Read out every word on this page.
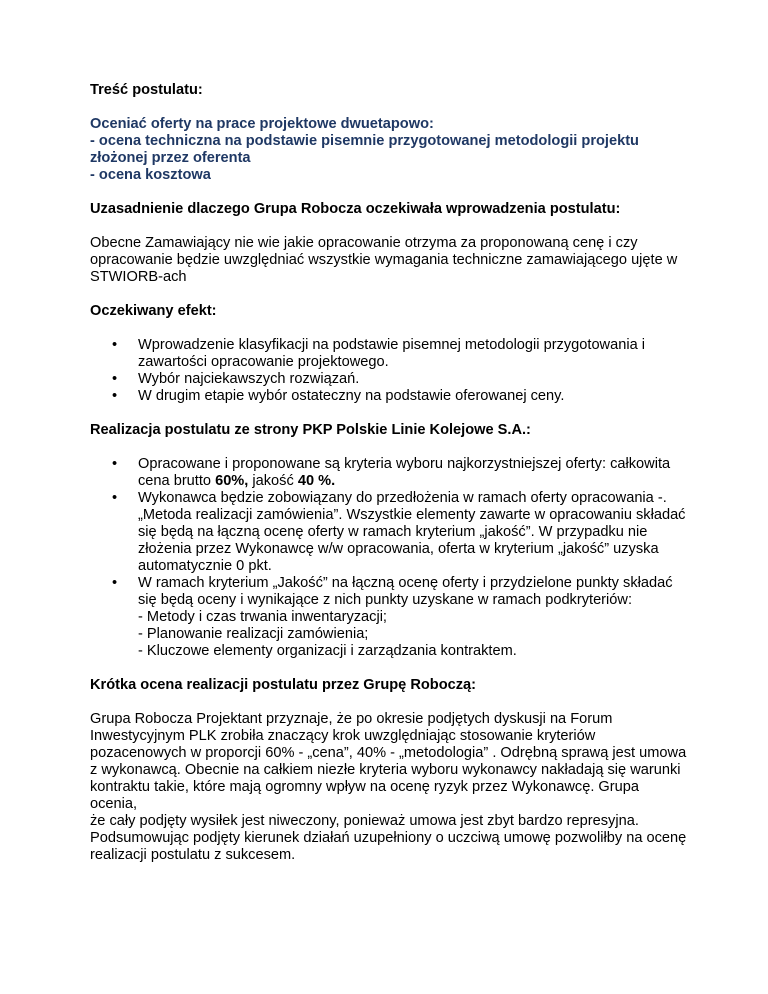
Treść postulatu:

Oceniać oferty na prace projektowe dwuetapowo:

- ocena techniczna na podstawie pisemnie przygotowanej metodologii projektu

złożonej przez oferenta

- ocena kosztowa

Uzasadnienie dlaczego Grupa Robocza oczekiwała wprowadzenia postulatu:

Obecne Zamawiający nie wie jakie opracowanie otrzyma za proponowaną cenę i czy

opracowanie będzie uwzględniać wszystkie wymagania techniczne zamawiającego ujęte w

STWIORB-ach

Oczekiwany efekt:

• Wprowadzenie klasyfikacji na podstawie pisemnej metodologii przygotowania i

zawartości opracowanie projektowego.

• Wybór najciekawszych rozwiązań.

• W drugim etapie wybór ostateczny na podstawie oferowanej ceny.

Realizacja postulatu ze strony PKP Polskie Linie Kolejowe S.A.:

• Opracowane i proponowane są kryteria wyboru najkorzystniejszej oferty: całkowita

cena brutto 60%, jakość 40 %.

• Wykonawca będzie zobowiązany do przedłożenia w ramach oferty opracowania -.

„Metoda realizacji zamówienia”. Wszystkie elementy zawarte w opracowaniu składać

się będą na łączną ocenę oferty w ramach kryterium „jakość”. W przypadku nie

złożenia przez Wykonawcę w/w opracowania, oferta w kryterium „jakość” uzyska

automatycznie 0 pkt.

• W ramach kryterium „Jakość” na łączną ocenę oferty i przydzielone punkty składać

się będą oceny i wynikające z nich punkty uzyskane w ramach podkryteriów:

- Metody i czas trwania inwentaryzacji;

- Planowanie realizacji zamówienia;

- Kluczowe elementy organizacji i zarządzania kontraktem.

Krótka ocena realizacji postulatu przez Grupę Roboczą:

Grupa Robocza Projektant przyznaje, że po okresie podjętych dyskusji na Forum

Inwestycyjnym PLK zrobiła znaczący krok uwzględniając stosowanie kryteriów

pozacenowych w proporcji 60% - „cena”, 40% - „metodologia” . Odrębną sprawą jest umowa

z wykonawcą. Obecnie na całkiem niezłe kryteria wyboru wykonawcy nakładają się warunki

kontraktu takie, które mają ogromny wpływ na ocenę ryzyk przez Wykonawcę. Grupa ocenia,

że cały podjęty wysiłek jest niweczony, ponieważ umowa jest zbyt bardzo represyjna.

Podsumowując podjęty kierunek działań uzupełniony o uczciwą umowę pozwoliłby na ocenę

realizacji postulatu z sukcesem.
